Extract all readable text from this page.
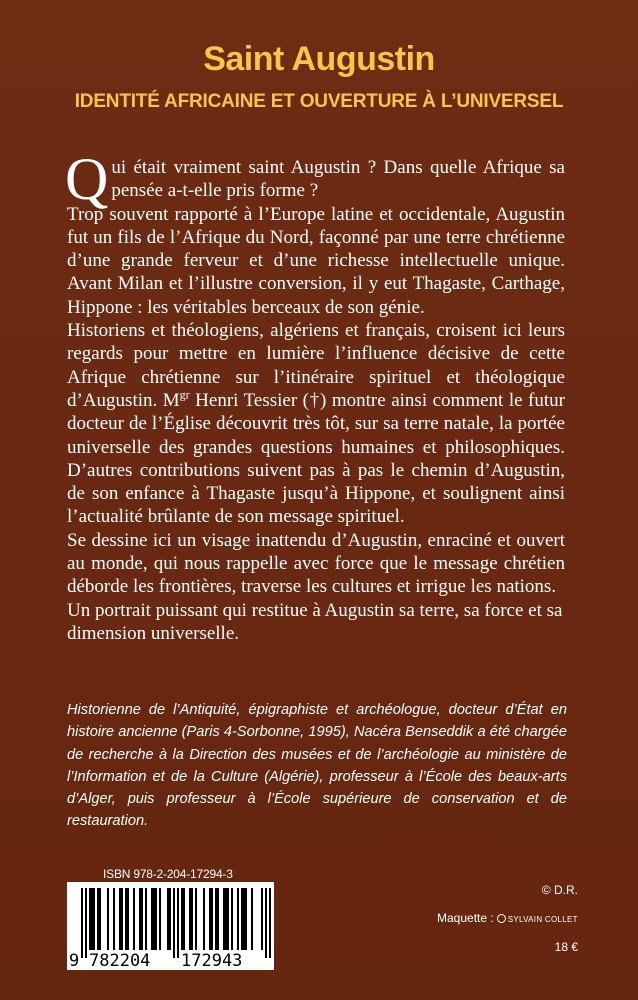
Saint Augustin
IDENTITÉ AFRICAINE ET OUVERTURE À L’UNIVERSEL

Qui était vraiment saint Augustin ? Dans quelle Afrique sa pensée a-t-elle pris forme ?

Trop souvent rapporté à l’Europe latine et occidentale, Augustin fut un fils de l’Afrique du Nord, façonné par une terre chrétienne d’une grande ferveur et d’une richesse intellectuelle unique. Avant Milan et l’illustre conversion, il y eut Thagaste, Carthage, Hippone : les véritables berceaux de son génie.

Historiens et théologiens, algériens et français, croisent ici leurs regards pour mettre en lumière l’influence décisive de cette Afrique chrétienne sur l’itinéraire spirituel et théologique d’Augustin. $M^{gr}$ Henri Tessier (†) montre ainsi comment le futur docteur de l’Église découvrit très tôt, sur sa terre natale, la portée universelle des grandes questions humaines et philosophiques. D’autres contributions suivent pas à pas le chemin d’Augustin, de son enfance à Thagaste jusqu’à Hippone, et soulignent ainsi l’actualité brûlante de son message spirituel.

Se dessine ici un visage inattendu d’Augustin, enraciné et ouvert au monde, qui nous rappelle avec force que le message chrétien déborde les frontières, traverse les cultures et irrigue les nations.

Un portrait puissant qui restitue à Augustin sa terre, sa force et sa dimension universelle.

Historienne de l’Antiquité, épigraphiste et archéologue, docteur d’État en histoire ancienne (Paris 4-Sorbonne, 1995), Nacéra Benseddik a été chargée de recherche à la Direction des musées et de l’archéologie au ministère de l’Information et de la Culture (Algérie), professeur à l’École des beaux-arts d’Alger, puis professeur à l’École supérieure de conservation et de restauration.
ISBN 978-2-204-17294-3
9 782204 172943
© D.R.
Maquette : SYLVAIN COLLET
18 €
